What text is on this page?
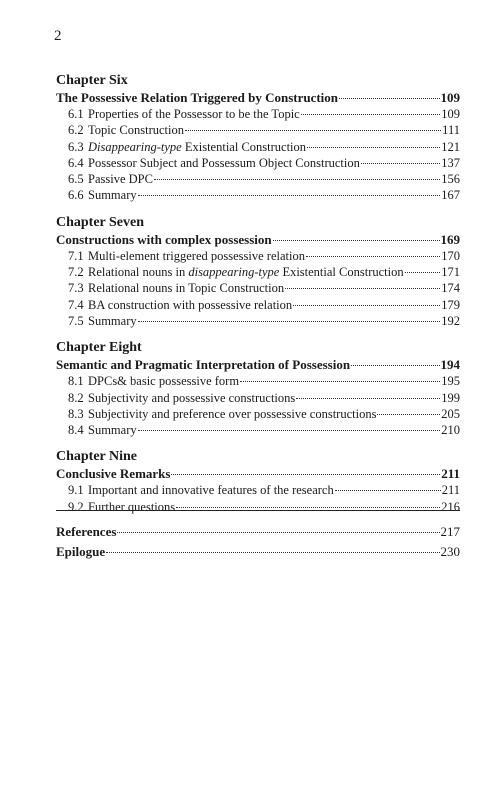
2
Chapter Six
The Possessive Relation Triggered by Construction	109
6.1 Properties of the Possessor to be the Topic	109
6.2 Topic Construction	111
6.3 Disappearing-type Existential Construction	121
6.4 Possessor Subject and Possessum Object Construction	137
6.5 Passive DPC	156
6.6 Summary	167
Chapter Seven
Constructions with complex possession	169
7.1 Multi-element triggered possessive relation	170
7.2 Relational nouns in disappearing-type Existential Construction	171
7.3 Relational nouns in Topic Construction	174
7.4 BA construction with possessive relation	179
7.5 Summary	192
Chapter Eight
Semantic and Pragmatic Interpretation of Possession	194
8.1 DPCs& basic possessive form	195
8.2 Subjectivity and possessive constructions	199
8.3 Subjectivity and preference over possessive constructions	205
8.4 Summary	210
Chapter Nine
Conclusive Remarks	211
9.1 Important and innovative features of the research	211
9.2 Further questions	216
References	217
Epilogue	230
